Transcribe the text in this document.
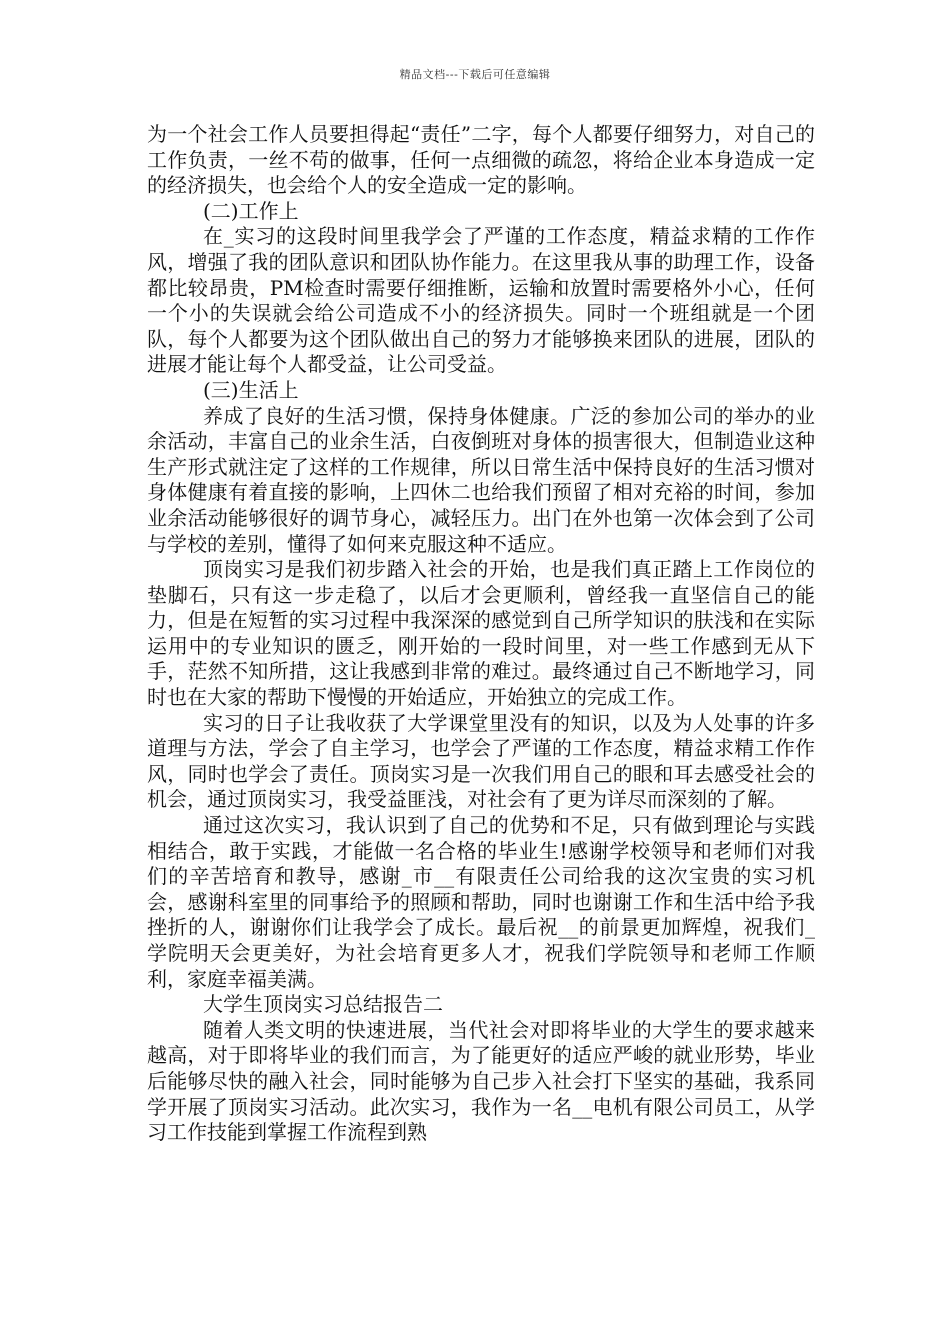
精品文档---下载后可任意编辑

为一个社会工作人员要担得起“责任”二字，每个人都要仔细努力，对自己的工作负责，一丝不苟的做事，任何一点细微的疏忽，将给企业本身造成一定的经济损失，也会给个人的安全造成一定的影响。

(二)工作上

在_实习的这段时间里我学会了严谨的工作态度，精益求精的工作作风，增强了我的团队意识和团队协作能力。在这里我从事的助理工作，设备都比较昂贵，PM检查时需要仔细推断，运输和放置时需要格外小心，任何一个小的失误就会给公司造成不小的经济损失。同时一个班组就是一个团队，每个人都要为这个团队做出自己的努力才能够换来团队的进展，团队的进展才能让每个人都受益，让公司受益。

(三)生活上

养成了良好的生活习惯，保持身体健康。广泛的参加公司的举办的业余活动，丰富自己的业余生活，白夜倒班对身体的损害很大，但制造业这种生产形式就注定了这样的工作规律，所以日常生活中保持良好的生活习惯对身体健康有着直接的影响，上四休二也给我们预留了相对充裕的时间，参加业余活动能够很好的调节身心，减轻压力。出门在外也第一次体会到了公司与学校的差别，懂得了如何来克服这种不适应。

顶岗实习是我们初步踏入社会的开始，也是我们真正踏上工作岗位的垫脚石，只有这一步走稳了，以后才会更顺利，曾经我一直坚信自己的能力，但是在短暂的实习过程中我深深的感觉到自己所学知识的肤浅和在实际运用中的专业知识的匮乏，刚开始的一段时间里，对一些工作感到无从下手，茫然不知所措，这让我感到非常的难过。最终通过自己不断地学习，同时也在大家的帮助下慢慢的开始适应，开始独立的完成工作。

实习的日子让我收获了大学课堂里没有的知识，以及为人处事的许多道理与方法，学会了自主学习，也学会了严谨的工作态度，精益求精工作作风，同时也学会了责任。顶岗实习是一次我们用自己的眼和耳去感受社会的机会，通过顶岗实习，我受益匪浅，对社会有了更为详尽而深刻的了解。

通过这次实习，我认识到了自己的优势和不足，只有做到理论与实践相结合，敢于实践，才能做一名合格的毕业生!感谢学校领导和老师们对我们的辛苦培育和教导，感谢_市__有限责任公司给我的这次宝贵的实习机会，感谢科室里的同事给予的照顾和帮助，同时也谢谢工作和生活中给予我挫折的人，谢谢你们让我学会了成长。最后祝__的前景更加辉煌，祝我们_学院明天会更美好，为社会培育更多人才，祝我们学院领导和老师工作顺利，家庭幸福美满。

大学生顶岗实习总结报告二

随着人类文明的快速进展，当代社会对即将毕业的大学生的要求越来越高，对于即将毕业的我们而言，为了能更好的适应严峻的就业形势，毕业后能够尽快的融入社会，同时能够为自己步入社会打下坚实的基础，我系同学开展了顶岗实习活动。此次实习，我作为一名__电机有限公司员工，从学习工作技能到掌握工作流程到熟
